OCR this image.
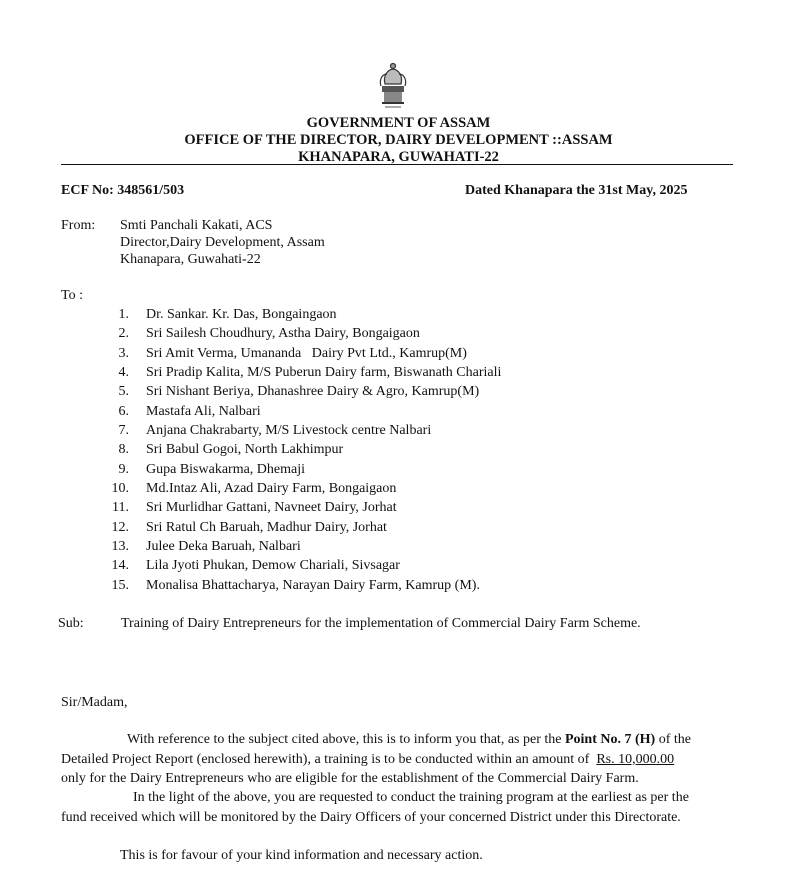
GOVERNMENT OF ASSAM
OFFICE OF THE DIRECTOR, DAIRY DEVELOPMENT ::ASSAM
KHANAPARA, GUWAHATI-22
ECF No: 348561/503	Dated Khanapara the 31st May, 2025
From: Smti Panchali Kakati, ACS
Director,Dairy Development, Assam
Khanapara, Guwahati-22
To :
1. Dr. Sankar. Kr. Das, Bongaingaon
2. Sri Sailesh Choudhury, Astha Dairy, Bongaigaon
3. Sri Amit Verma, Umananda   Dairy Pvt Ltd., Kamrup(M)
4. Sri Pradip Kalita, M/S Puberun Dairy farm, Biswanath Chariali
5. Sri Nishant Beriya, Dhanashree Dairy & Agro, Kamrup(M)
6. Mastafa Ali, Nalbari
7. Anjana Chakrabarty, M/S Livestock centre Nalbari
8. Sri Babul Gogoi, North Lakhimpur
9. Gupa Biswakarma, Dhemaji
10. Md.Intaz Ali, Azad Dairy Farm, Bongaigaon
11. Sri Murlidhar Gattani, Navneet Dairy, Jorhat
12. Sri Ratul Ch Baruah, Madhur Dairy, Jorhat
13. Julee Deka Baruah, Nalbari
14. Lila Jyoti Phukan, Demow Chariali, Sivsagar
15. Monalisa Bhattacharya, Narayan Dairy Farm, Kamrup (M).
Sub:	Training of Dairy Entrepreneurs for the implementation of Commercial Dairy Farm Scheme.
Sir/Madam,
With reference to the subject cited above, this is to inform you that, as per the Point No. 7 (H) of the
Detailed Project Report (enclosed herewith), a training is to be conducted within an amount of  Rs. 10,000.00
only for the Dairy Entrepreneurs who are eligible for the establishment of the Commercial Dairy Farm.
In the light of the above, you are requested to conduct the training program at the earliest as per the
fund received which will be monitored by the Dairy Officers of your concerned District under this Directorate.
This is for favour of your kind information and necessary action.
